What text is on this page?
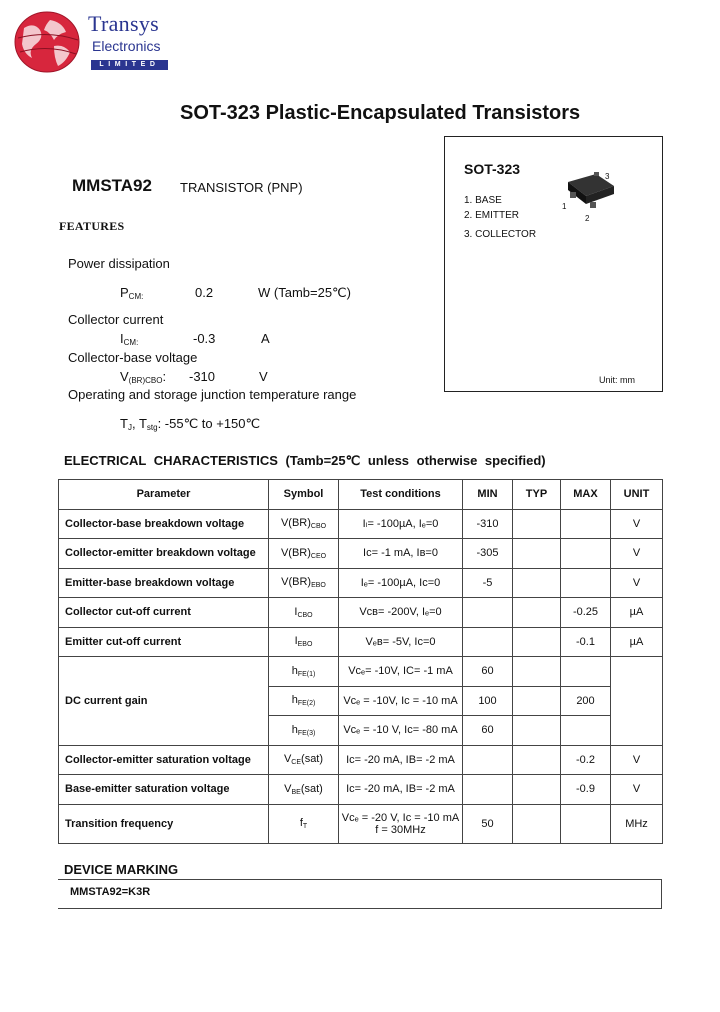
Transys
Electronics
LIMITED
SOT-323 Plastic-Encapsulated Transistors
MMSTA92 TRANSISTOR (PNP)
FEATURES
Power dissipation
$P_{CM:}$	0.2	W (Tamb=25℃)
Collector current
$I_{CM:}$	-0.3	A
Collector-base voltage
$V_{(BR)CBO}$: -310	V
Operating and storage junction temperature range
$T_J$, $T_{stg}$: -55℃ to +150℃
SOT-323
1. BASE
2. EMITTER
3. COLLECTOR
1
2
3
Unit: mm
ELECTRICAL CHARACTERISTICS (Tamb=25℃ unless otherwise specified)
Parameter	Symbol	Test conditions	MIN	TYP	MAX	UNIT
Collector-base breakdown voltage	V(BR)CBO	Iₗ= -100µA, Iₑ=0	-310			V
Collector-emitter breakdown voltage	V(BR)CEO	Ic= -1 mA, Iʙ=0	-305			V
Emitter-base breakdown voltage	V(BR)EBO	Iₑ= -100µA, Ic=0	-5			V
Collector cut-off current	ICBO	Vᴄʙ= -200V, Iₑ=0			-0.25	µA
Emitter cut-off current	IEBO	Vₑʙ= -5V, Ic=0			-0.1	µA
DC current gain	hFE(1)	Vᴄₑ= -10V, IC= -1 mA	60			
	hFE(2)	Vᴄₑ = -10V, Ic = -10 mA	100		200	
	hFE(3)	Vᴄₑ = -10 V, Ic= -80 mA	60			
Collector-emitter saturation voltage	VCE(sat)	Ic= -20 mA, IB= -2 mA			-0.2	V
Base-emitter saturation voltage	VBE(sat)	Ic= -20 mA, IB= -2 mA			-0.9	V
Transition frequency	fT	Vᴄₑ = -20 V, Ic = -10 mA
f = 30MHz	50			MHz
DEVICE MARKING
MMSTA92=K3R
